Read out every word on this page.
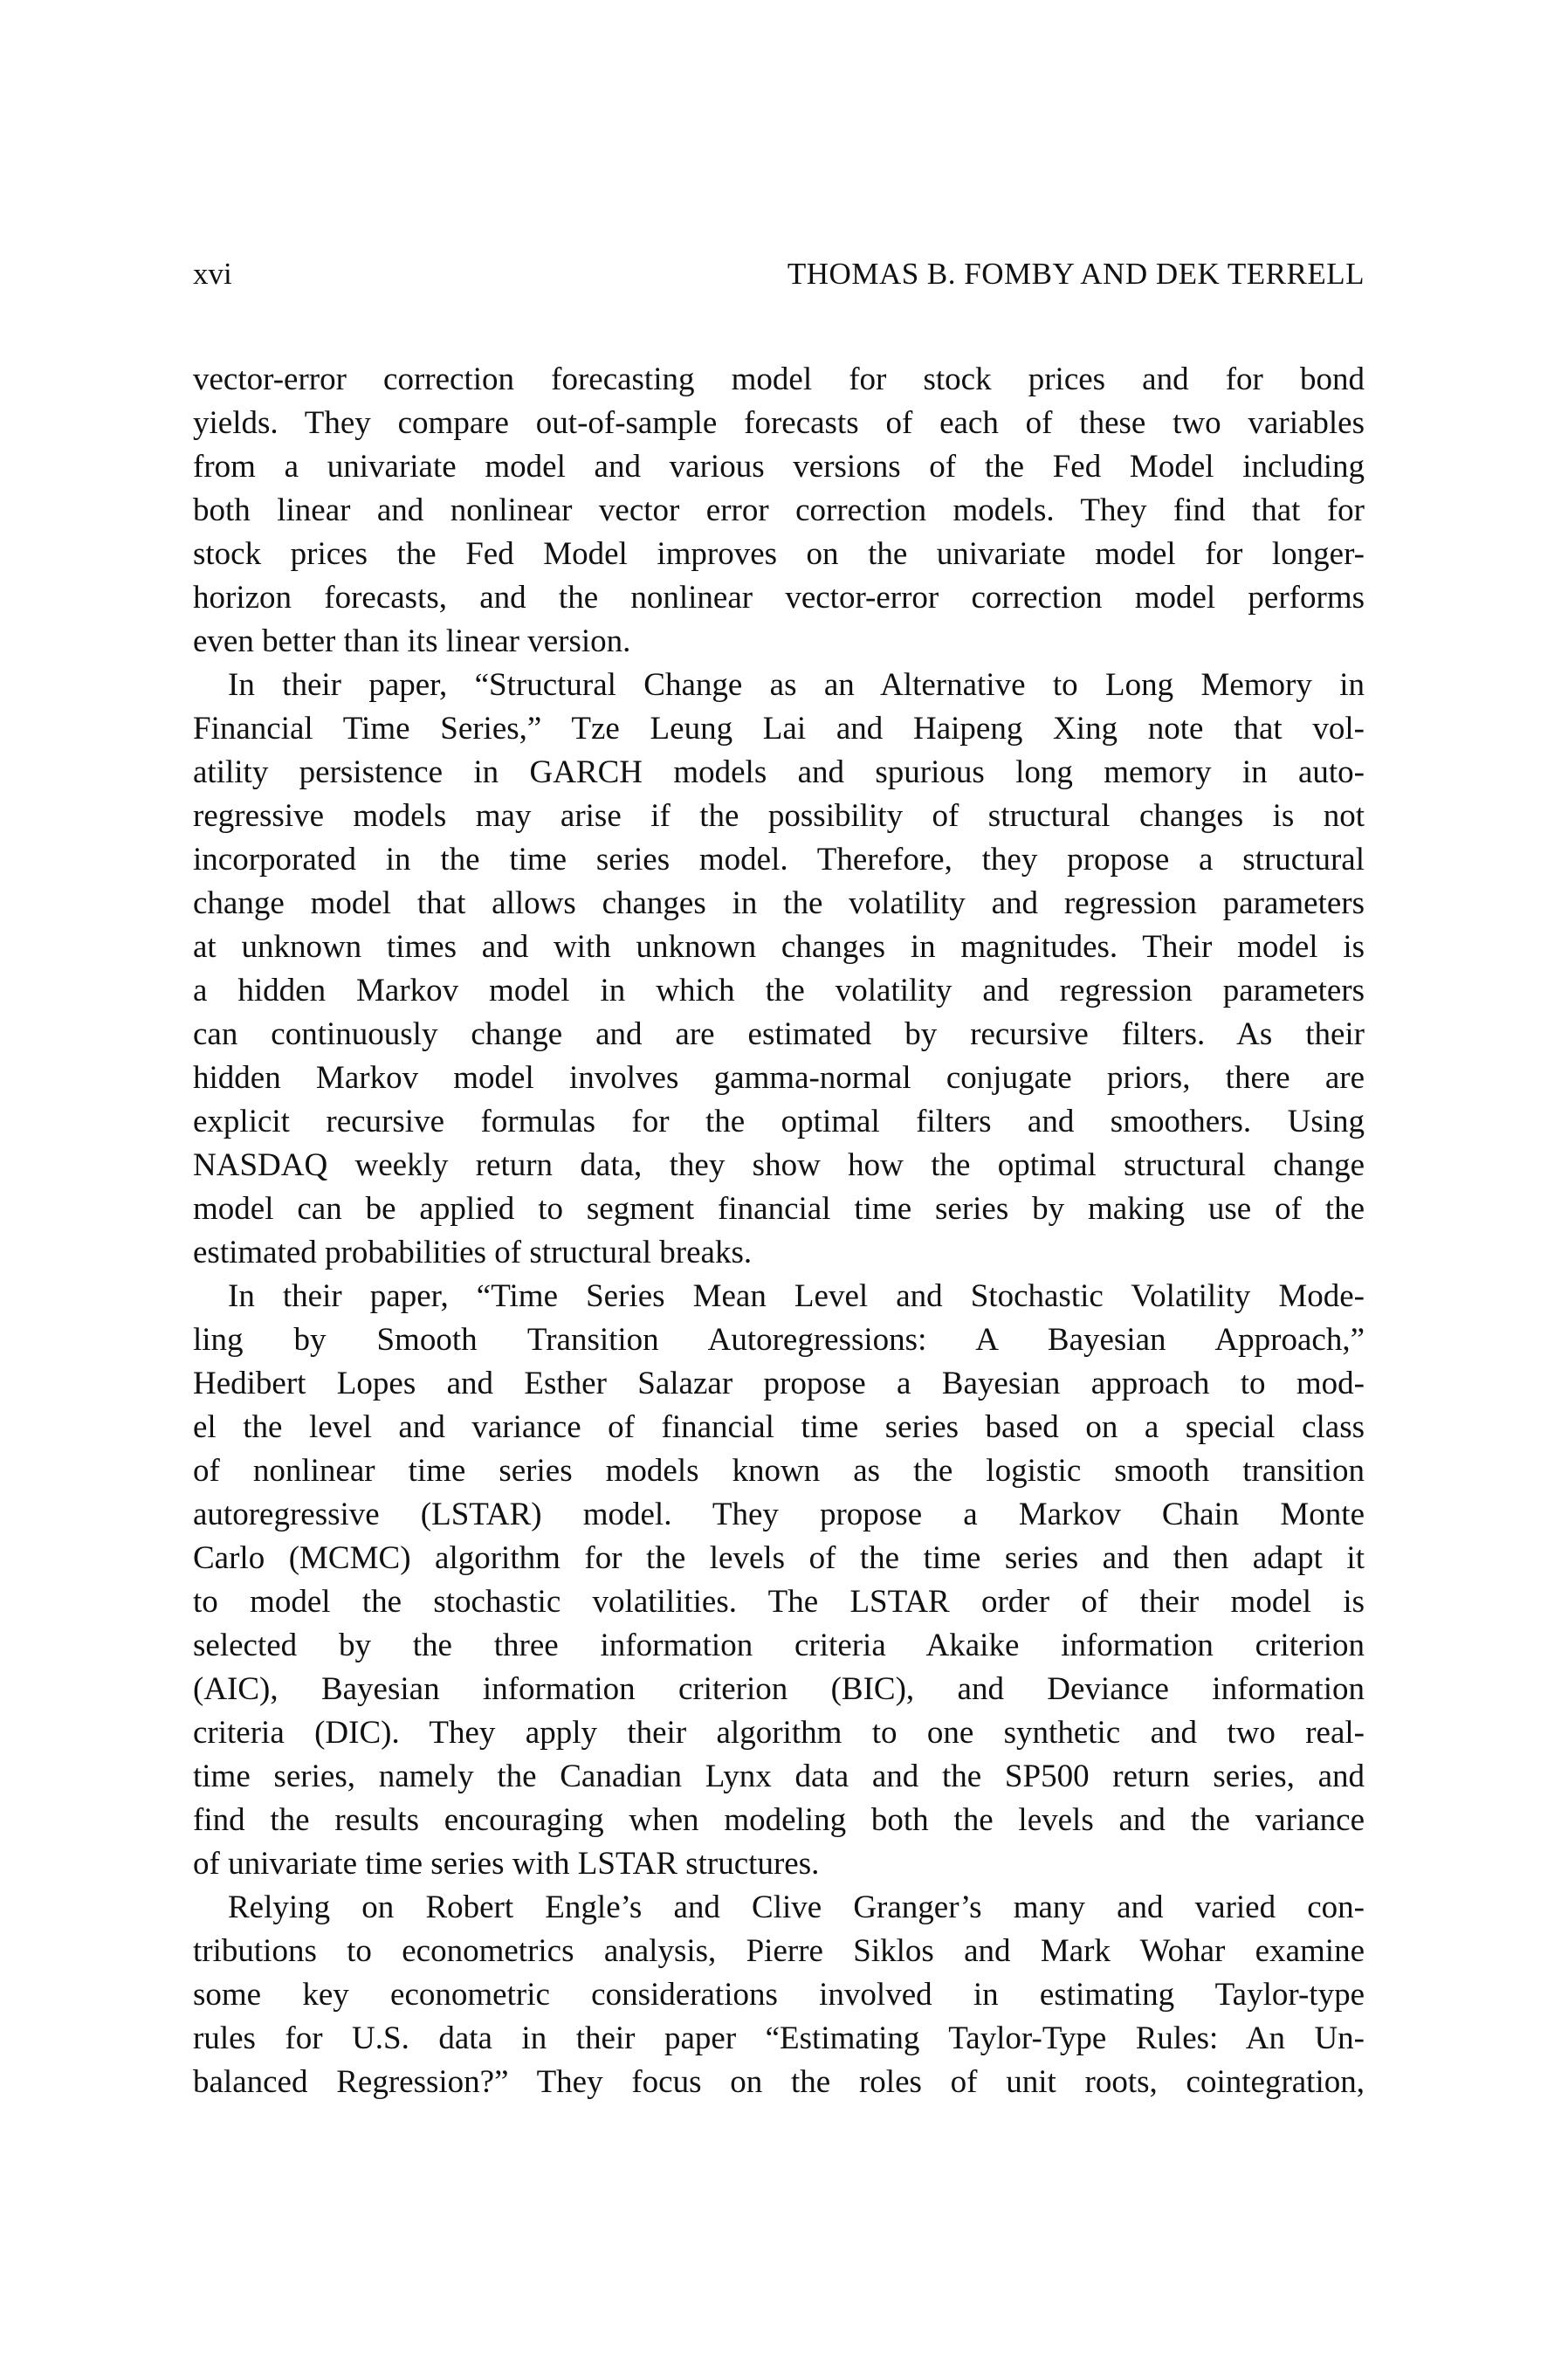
xvi	THOMAS B. FOMBY AND DEK TERRELL
vector-error correction forecasting model for stock prices and for bond
yields. They compare out-of-sample forecasts of each of these two variables
from a univariate model and various versions of the Fed Model including
both linear and nonlinear vector error correction models. They find that for
stock prices the Fed Model improves on the univariate model for longer-
horizon forecasts, and the nonlinear vector-error correction model performs
even better than its linear version.
In their paper, “Structural Change as an Alternative to Long Memory in
Financial Time Series,” Tze Leung Lai and Haipeng Xing note that vol-
atility persistence in GARCH models and spurious long memory in auto-
regressive models may arise if the possibility of structural changes is not
incorporated in the time series model. Therefore, they propose a structural
change model that allows changes in the volatility and regression parameters
at unknown times and with unknown changes in magnitudes. Their model is
a hidden Markov model in which the volatility and regression parameters
can continuously change and are estimated by recursive filters. As their
hidden Markov model involves gamma-normal conjugate priors, there are
explicit recursive formulas for the optimal filters and smoothers. Using
NASDAQ weekly return data, they show how the optimal structural change
model can be applied to segment financial time series by making use of the
estimated probabilities of structural breaks.
In their paper, “Time Series Mean Level and Stochastic Volatility Mode-
ling by Smooth Transition Autoregressions: A Bayesian Approach,”
Hedibert Lopes and Esther Salazar propose a Bayesian approach to mod-
el the level and variance of financial time series based on a special class
of nonlinear time series models known as the logistic smooth transition
autoregressive (LSTAR) model. They propose a Markov Chain Monte
Carlo (MCMC) algorithm for the levels of the time series and then adapt it
to model the stochastic volatilities. The LSTAR order of their model is
selected by the three information criteria Akaike information criterion
(AIC), Bayesian information criterion (BIC), and Deviance information
criteria (DIC). They apply their algorithm to one synthetic and two real-
time series, namely the Canadian Lynx data and the SP500 return series, and
find the results encouraging when modeling both the levels and the variance
of univariate time series with LSTAR structures.
Relying on Robert Engle’s and Clive Granger’s many and varied con-
tributions to econometrics analysis, Pierre Siklos and Mark Wohar examine
some key econometric considerations involved in estimating Taylor-type
rules for U.S. data in their paper “Estimating Taylor-Type Rules: An Un-
balanced Regression?” They focus on the roles of unit roots, cointegration,
